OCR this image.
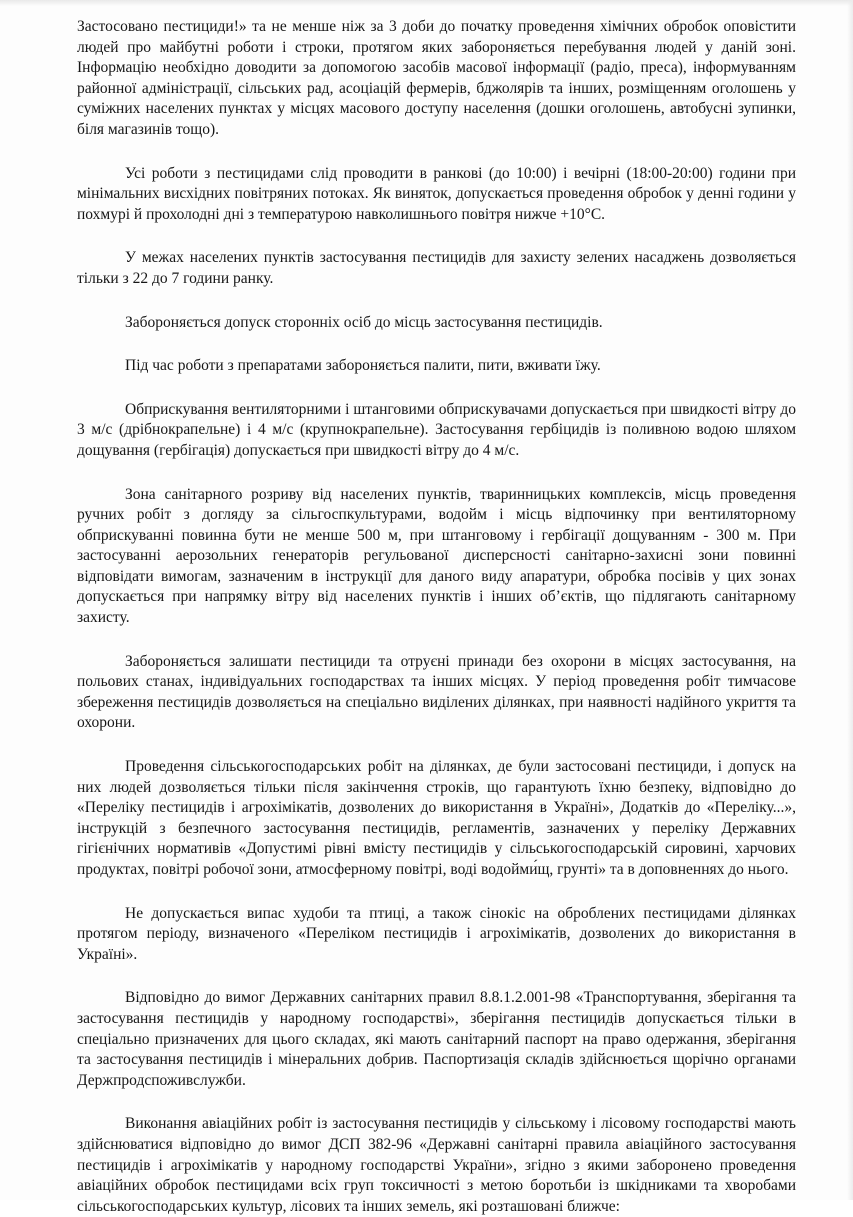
Застосовано пестициди!» та не менше ніж за 3 доби до початку проведення хімічних обробок оповістити людей про майбутні роботи і строки, протягом яких забороняється перебування людей у даній зоні. Інформацію необхідно доводити за допомогою засобів масової інформації (радіо, преса), інформуванням районної адміністрації, сільських рад, асоціацій фермерів, бджолярів та інших, розміщенням оголошень у суміжних населених пунктах у місцях масового доступу населення (дошки оголошень, автобусні зупинки, біля магазинів тощо).

Усі роботи з пестицидами слід проводити в ранкові (до 10:00) і вечірні (18:00-20:00) години при мінімальних висхідних повітряних потоках. Як виняток, допускається проведення обробок у денні години у похмурі й прохолодні дні з температурою навколишнього повітря нижче +10°С.

У межах населених пунктів застосування пестицидів для захисту зелених насаджень дозволяється тільки з 22 до 7 години ранку.

Забороняється допуск сторонніх осіб до місць застосування пестицидів.

Під час роботи з препаратами забороняється палити, пити, вживати їжу.

Обприскування вентиляторними і штанговими обприскувачами допускається при швидкості вітру до 3 м/с (дрібнокрапельне) і 4 м/с (крупнокрапельне). Застосування гербіцидів із поливною водою шляхом дощування (гербігація) допускається при швидкості вітру до 4 м/с.

Зона санітарного розриву від населених пунктів, тваринницьких комплексів, місць проведення ручних робіт з догляду за сільгоспкультурами, водойм і місць відпочинку при вентиляторному обприскуванні повинна бути не менше 500 м, при штанговому і гербігації дощуванням - 300 м. При застосуванні аерозольних генераторів регульованої дисперсності санітарно-захисні зони повинні відповідати вимогам, зазначеним в інструкції для даного виду апаратури, обробка посівів у цих зонах допускається при напрямку вітру від населених пунктів і інших об’єктів, що підлягають санітарному захисту.

Забороняється залишати пестициди та отруєні принади без охорони в місцях застосування, на польових станах, індивідуальних господарствах та інших місцях. У період проведення робіт тимчасове збереження пестицидів дозволяється на спеціально виділених ділянках, при наявності надійного укриття та охорони.

Проведення сільськогосподарських робіт на ділянках, де були застосовані пестициди, і допуск на них людей дозволяється тільки після закінчення строків, що гарантують їхню безпеку, відповідно до «Переліку пестицидів і агрохімікатів, дозволених до використання в Україні», Додатків до «Переліку...», інструкцій з безпечного застосування пестицидів, регламентів, зазначених у переліку Державних гігієнічних нормативів «Допустимі рівні вмісту пестицидів у сільськогосподарській сировині, харчових продуктах, повітрі робочої зони, атмосферному повітрі, воді водойми́щ, грунті» та в доповненнях до нього.

Не допускається випас худоби та птиці, а також сінокіс на оброблених пестицидами ділянках протягом періоду, визначеного «Переліком пестицидів і агрохімікатів, дозволених до використання в Україні».

Відповідно до вимог Державних санітарних правил 8.8.1.2.001-98 «Транспортування, зберігання та застосування пестицидів у народному господарстві», зберігання пестицидів допускається тільки в спеціально призначених для цього складах, які мають санітарний паспорт на право одержання, зберігання та застосування пестицидів і мінеральних добрив. Паспортизація складів здійснюється щорічно органами Держпродспоживслужби.

Виконання авіаційних робіт із застосування пестицидів у сільському і лісовому господарстві мають здійснюватися відповідно до вимог ДСП 382-96 «Державні санітарні правила авіаційного застосування пестицидів і агрохімікатів у народному господарстві України», згідно з якими заборонено проведення авіаційних обробок пестицидами всіх груп токсичності з метою боротьби із шкідниками та хворобами сільськогосподарських культур, лісових та інших земель, які розташовані ближче:
